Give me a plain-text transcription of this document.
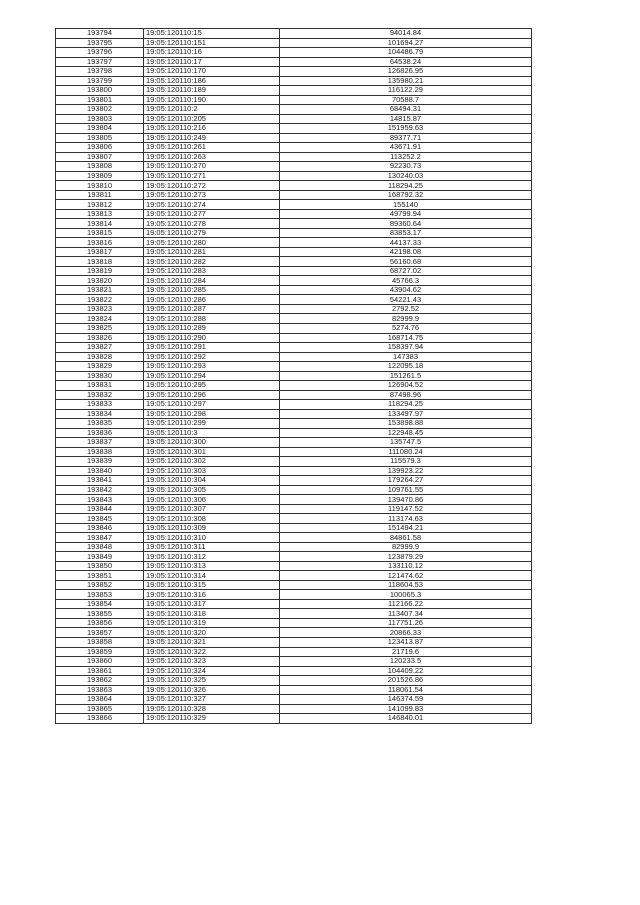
193794	19:05:120110:15	94014.84
193795	19:05:120110:151	101694.27
193796	19:05:120110:16	104486.79
193797	19:05:120110:17	64538.24
193798	19:05:120110:170	126826.95
193799	19:05:120110:186	135980.21
193800	19:05:120110:189	116122.29
193801	19:05:120110:190	70588.7
193802	19:05:120110:2	68494.31
193803	19:05:120110:205	14815.87
193804	19:05:120110:216	151959.63
193805	19:05:120110:249	89377.71
193806	19:05:120110:261	43671.91
193807	19:05:120110:263	113252.2
193808	19:05:120110:270	92230.73
193809	19:05:120110:271	130240.03
193810	19:05:120110:272	118294.25
193811	19:05:120110:273	168792.32
193812	19:05:120110:274	155140
193813	19:05:120110:277	49799.94
193814	19:05:120110:278	89360.64
193815	19:05:120110:279	83853.17
193816	19:05:120110:280	44137.33
193817	19:05:120110:281	42198.08
193818	19:05:120110:282	56160.68
193819	19:05:120110:283	68727.02
193820	19:05:120110:284	45766.3
193821	19:05:120110:285	43904.62
193822	19:05:120110:286	54221.43
193823	19:05:120110:287	2792.52
193824	19:05:120110:288	82999.9
193825	19:05:120110:289	5274.76
193826	19:05:120110:290	168714.75
193827	19:05:120110:291	158397.94
193828	19:05:120110:292	147383
193829	19:05:120110:293	122095.18
193830	19:05:120110:294	151261.5
193831	19:05:120110:295	126904.52
193832	19:05:120110:296	87498.96
193833	19:05:120110:297	118294.25
193834	19:05:120110:298	133497.97
193835	19:05:120110:299	153898.88
193836	19:05:120110:3	122948.45
193837	19:05:120110:300	135747.5
193838	19:05:120110:301	111080.24
193839	19:05:120110:302	115579.3
193840	19:05:120110:303	139923.22
193841	19:05:120110:304	179264.27
193842	19:05:120110:305	109761.55
193843	19:05:120110:306	139470.86
193844	19:05:120110:307	119147.52
193845	19:05:120110:308	113174.63
193846	19:05:120110:309	151494.21
193847	19:05:120110:310	84861.58
193848	19:05:120110:311	82999.9
193849	19:05:120110:312	123879.29
193850	19:05:120110:313	133110.12
193851	19:05:120110:314	121474.62
193852	19:05:120110:315	118604.53
193853	19:05:120110:316	100065.3
193854	19:05:120110:317	112166.22
193855	19:05:120110:318	113407.34
193856	19:05:120110:319	117751.26
193857	19:05:120110:320	20866.33
193858	19:05:120110:321	123413.87
193859	19:05:120110:322	21719.6
193860	19:05:120110:323	120233.5
193861	19:05:120110:324	104409.22
193862	19:05:120110:325	201526.86
193863	19:05:120110:326	118061.54
193864	19:05:120110:327	146374.59
193865	19:05:120110:328	141099.83
193866	19:05:120110:329	146840.01
